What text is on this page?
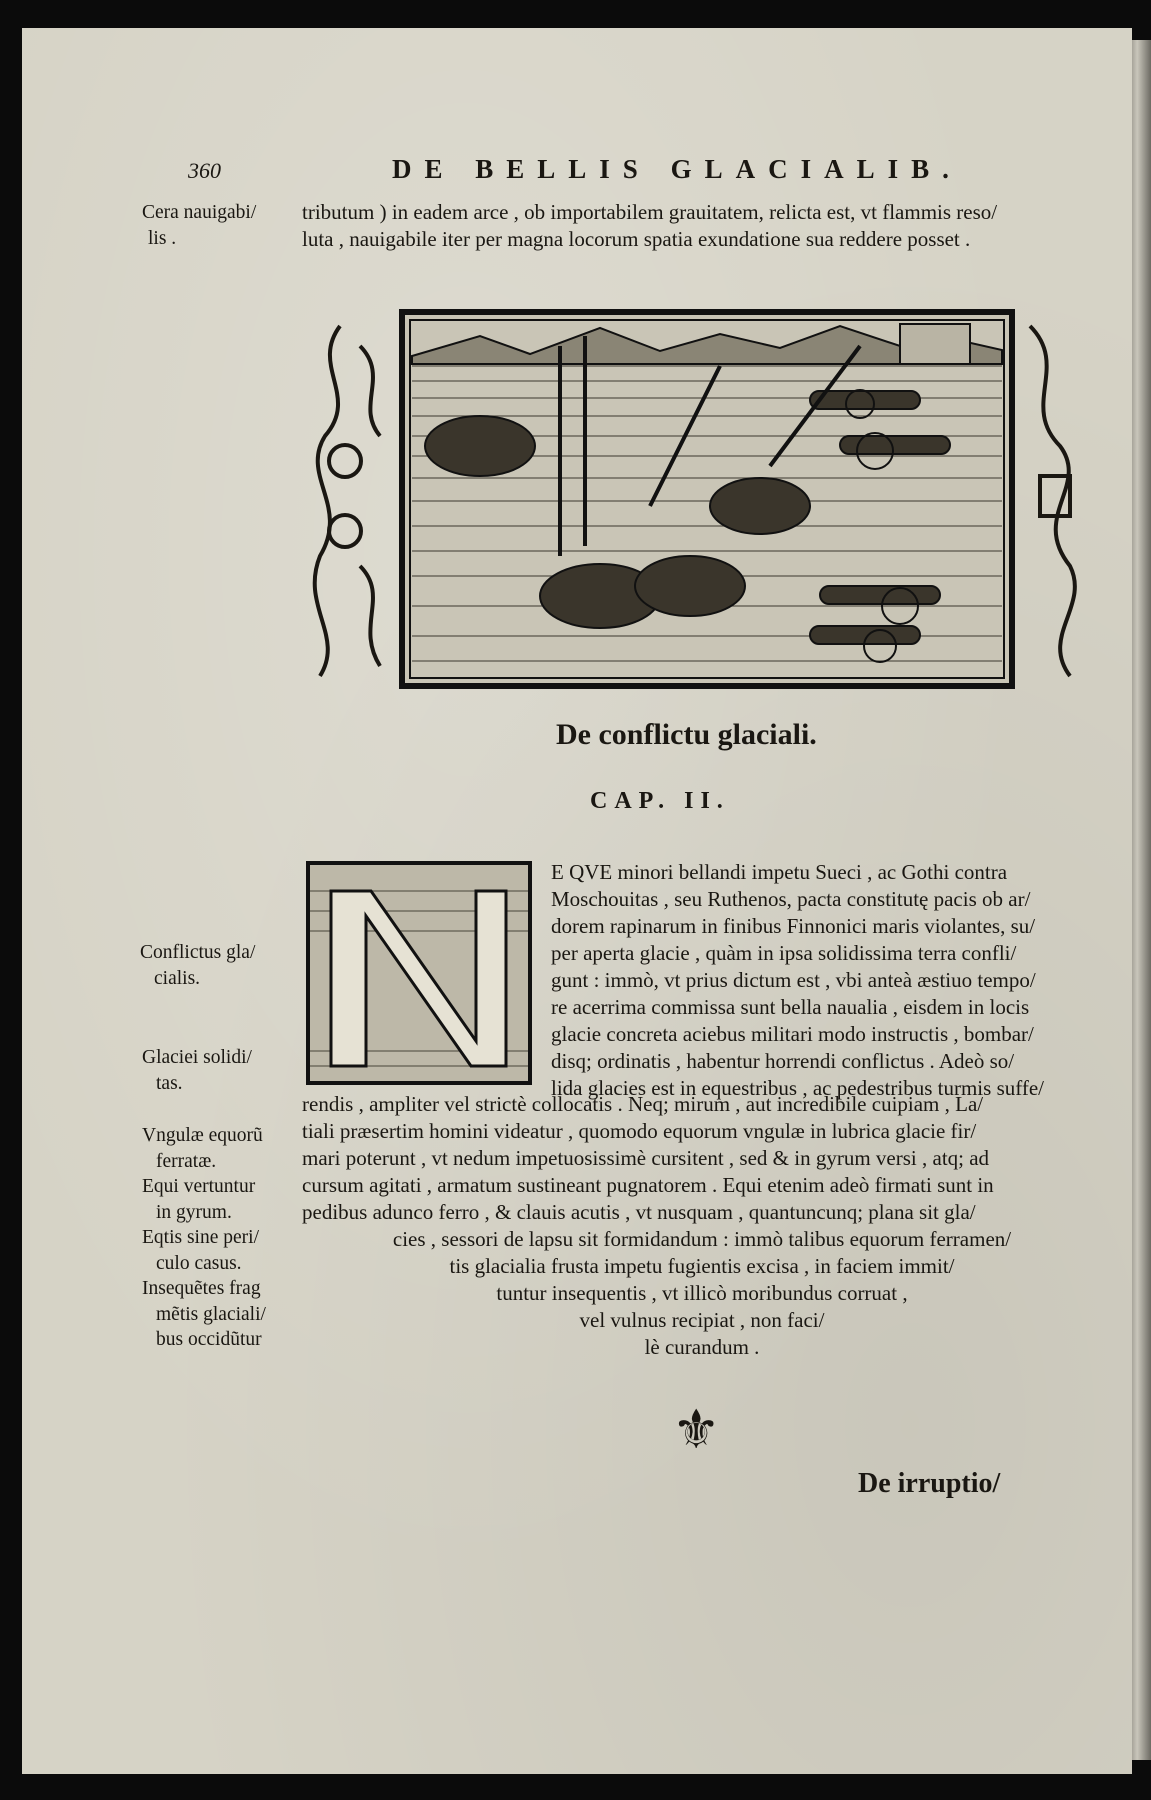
360	DE BELLIS GLACIALIB.
Cera nauigabi/
lis .
tributum ) in eadem arce , ob importabilem grauitatem, relicta est, vt flammis reso/
luta , nauigabile iter per magna locorum spatia exundatione sua reddere posset .
De conflictu glaciali.
CAP. II.
E QVE minori bellandi impetu Sueci , ac Gothi contra
Moschouitas , seu Ruthenos, pacta constitutę pacis ob ar/
dorem rapinarum in finibus Finnonici maris violantes, su/
per aperta glacie , quàm in ipsa solidissima terra confli/
gunt : immò, vt prius dictum est , vbi anteà æstiuo tempo/
re acerrima commissa sunt bella naualia , eisdem in locis
glacie concreta aciebus militari modo instructis , bombar/
disq; ordinatis , habentur horrendi conflictus . Adeò so/
lida glacies est in equestribus , ac pedestribus turmis suffe/
rendis , ampliter vel strictè collocatis . Neq; mirum , aut incredibile cuipiam , La/
tiali præsertim homini videatur , quomodo equorum vngulæ in lubrica glacie fir/
mari poterunt , vt nedum impetuosissimè cursitent , sed & in gyrum versi , atq; ad
cursum agitati , armatum sustineant pugnatorem . Equi etenim adeò firmati sunt in
pedibus adunco ferro , & clauis acutis , vt nusquam , quantuncunq; plana sit gla/
cies , sessori de lapsu sit formidandum : immò talibus equorum ferramen/
tis glacialia frusta impetu fugientis excisa , in faciem immit/
tuntur insequentis , vt illicò moribundus corruat ,
vel vulnus recipiat , non faci/
lè curandum .
Conflictus gla/
cialis.
Glaciei solidi/
tas.
Vngulæ equorũ
ferratæ.
Equi vertuntur
in gyrum.
Eqtis sine peri/
culo casus.
Insequẽtes frag
mẽtis glaciali/
bus occidũtur
⚜
De irruptio/
